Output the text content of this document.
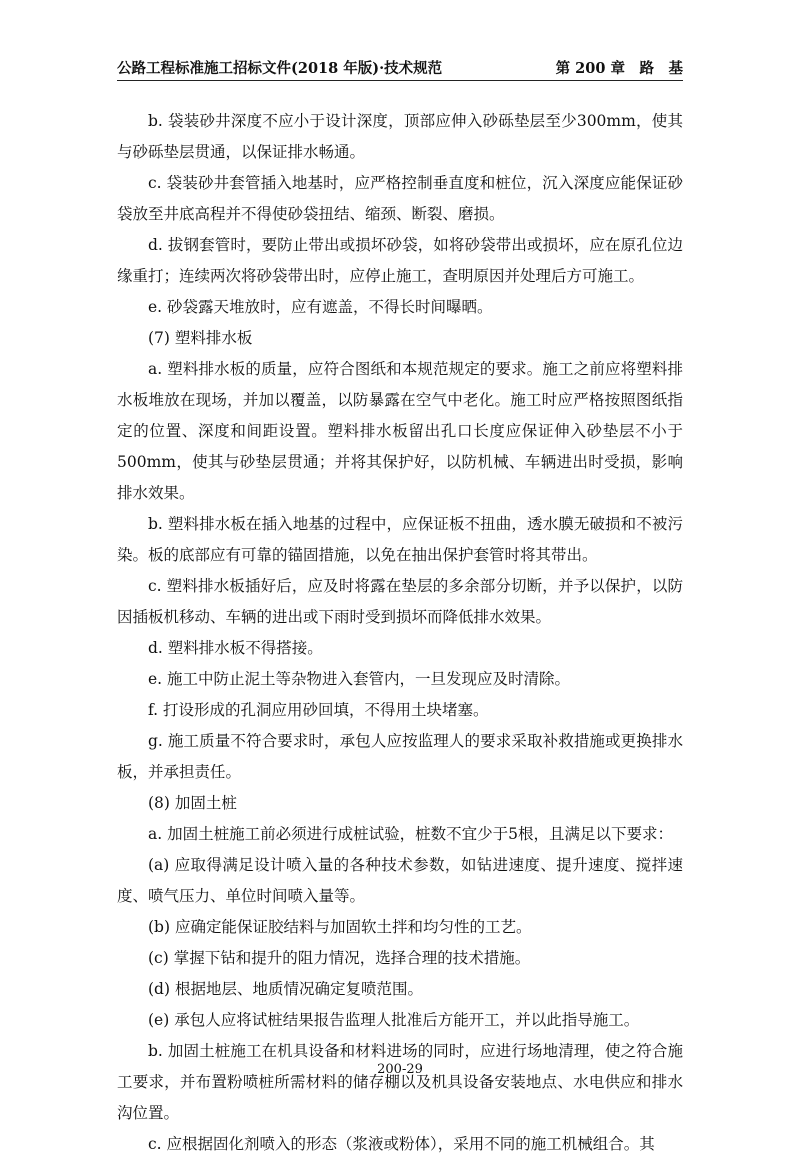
公路工程标准施工招标文件(2018 年版)·技术规范	第 200 章　路　基

b. 袋装砂井深度不应小于设计深度，顶部应伸入砂砾垫层至少300mm，使其与砂砾垫层贯通，以保证排水畅通。

c. 袋装砂井套管插入地基时，应严格控制垂直度和桩位，沉入深度应能保证砂袋放至井底高程并不得使砂袋扭结、缩颈、断裂、磨损。

d. 拔钢套管时，要防止带出或损坏砂袋，如将砂袋带出或损坏，应在原孔位边缘重打；连续两次将砂袋带出时，应停止施工，查明原因并处理后方可施工。

e. 砂袋露天堆放时，应有遮盖，不得长时间曝晒。

(7) 塑料排水板

a. 塑料排水板的质量，应符合图纸和本规范规定的要求。施工之前应将塑料排水板堆放在现场，并加以覆盖，以防暴露在空气中老化。施工时应严格按照图纸指定的位置、深度和间距设置。塑料排水板留出孔口长度应保证伸入砂垫层不小于500mm，使其与砂垫层贯通；并将其保护好，以防机械、车辆进出时受损，影响排水效果。

b. 塑料排水板在插入地基的过程中，应保证板不扭曲，透水膜无破损和不被污染。板的底部应有可靠的锚固措施，以免在抽出保护套管时将其带出。

c. 塑料排水板插好后，应及时将露在垫层的多余部分切断，并予以保护，以防因插板机移动、车辆的进出或下雨时受到损坏而降低排水效果。

d. 塑料排水板不得搭接。

e. 施工中防止泥土等杂物进入套管内，一旦发现应及时清除。

f. 打设形成的孔洞应用砂回填，不得用土块堵塞。

g. 施工质量不符合要求时，承包人应按监理人的要求采取补救措施或更换排水板，并承担责任。

(8) 加固土桩

a. 加固土桩施工前必须进行成桩试验，桩数不宜少于5根，且满足以下要求：

(a) 应取得满足设计喷入量的各种技术参数，如钻进速度、提升速度、搅拌速度、喷气压力、单位时间喷入量等。

(b) 应确定能保证胶结料与加固软土拌和均匀性的工艺。

(c) 掌握下钻和提升的阻力情况，选择合理的技术措施。

(d) 根据地层、地质情况确定复喷范围。

(e) 承包人应将试桩结果报告监理人批准后方能开工，并以此指导施工。

b. 加固土桩施工在机具设备和材料进场的同时，应进行场地清理，使之符合施工要求，并布置粉喷桩所需材料的储存棚以及机具设备安装地点、水电供应和排水沟位置。

c. 应根据固化剂喷入的形态（浆液或粉体），采用不同的施工机械组合。其

200-29
